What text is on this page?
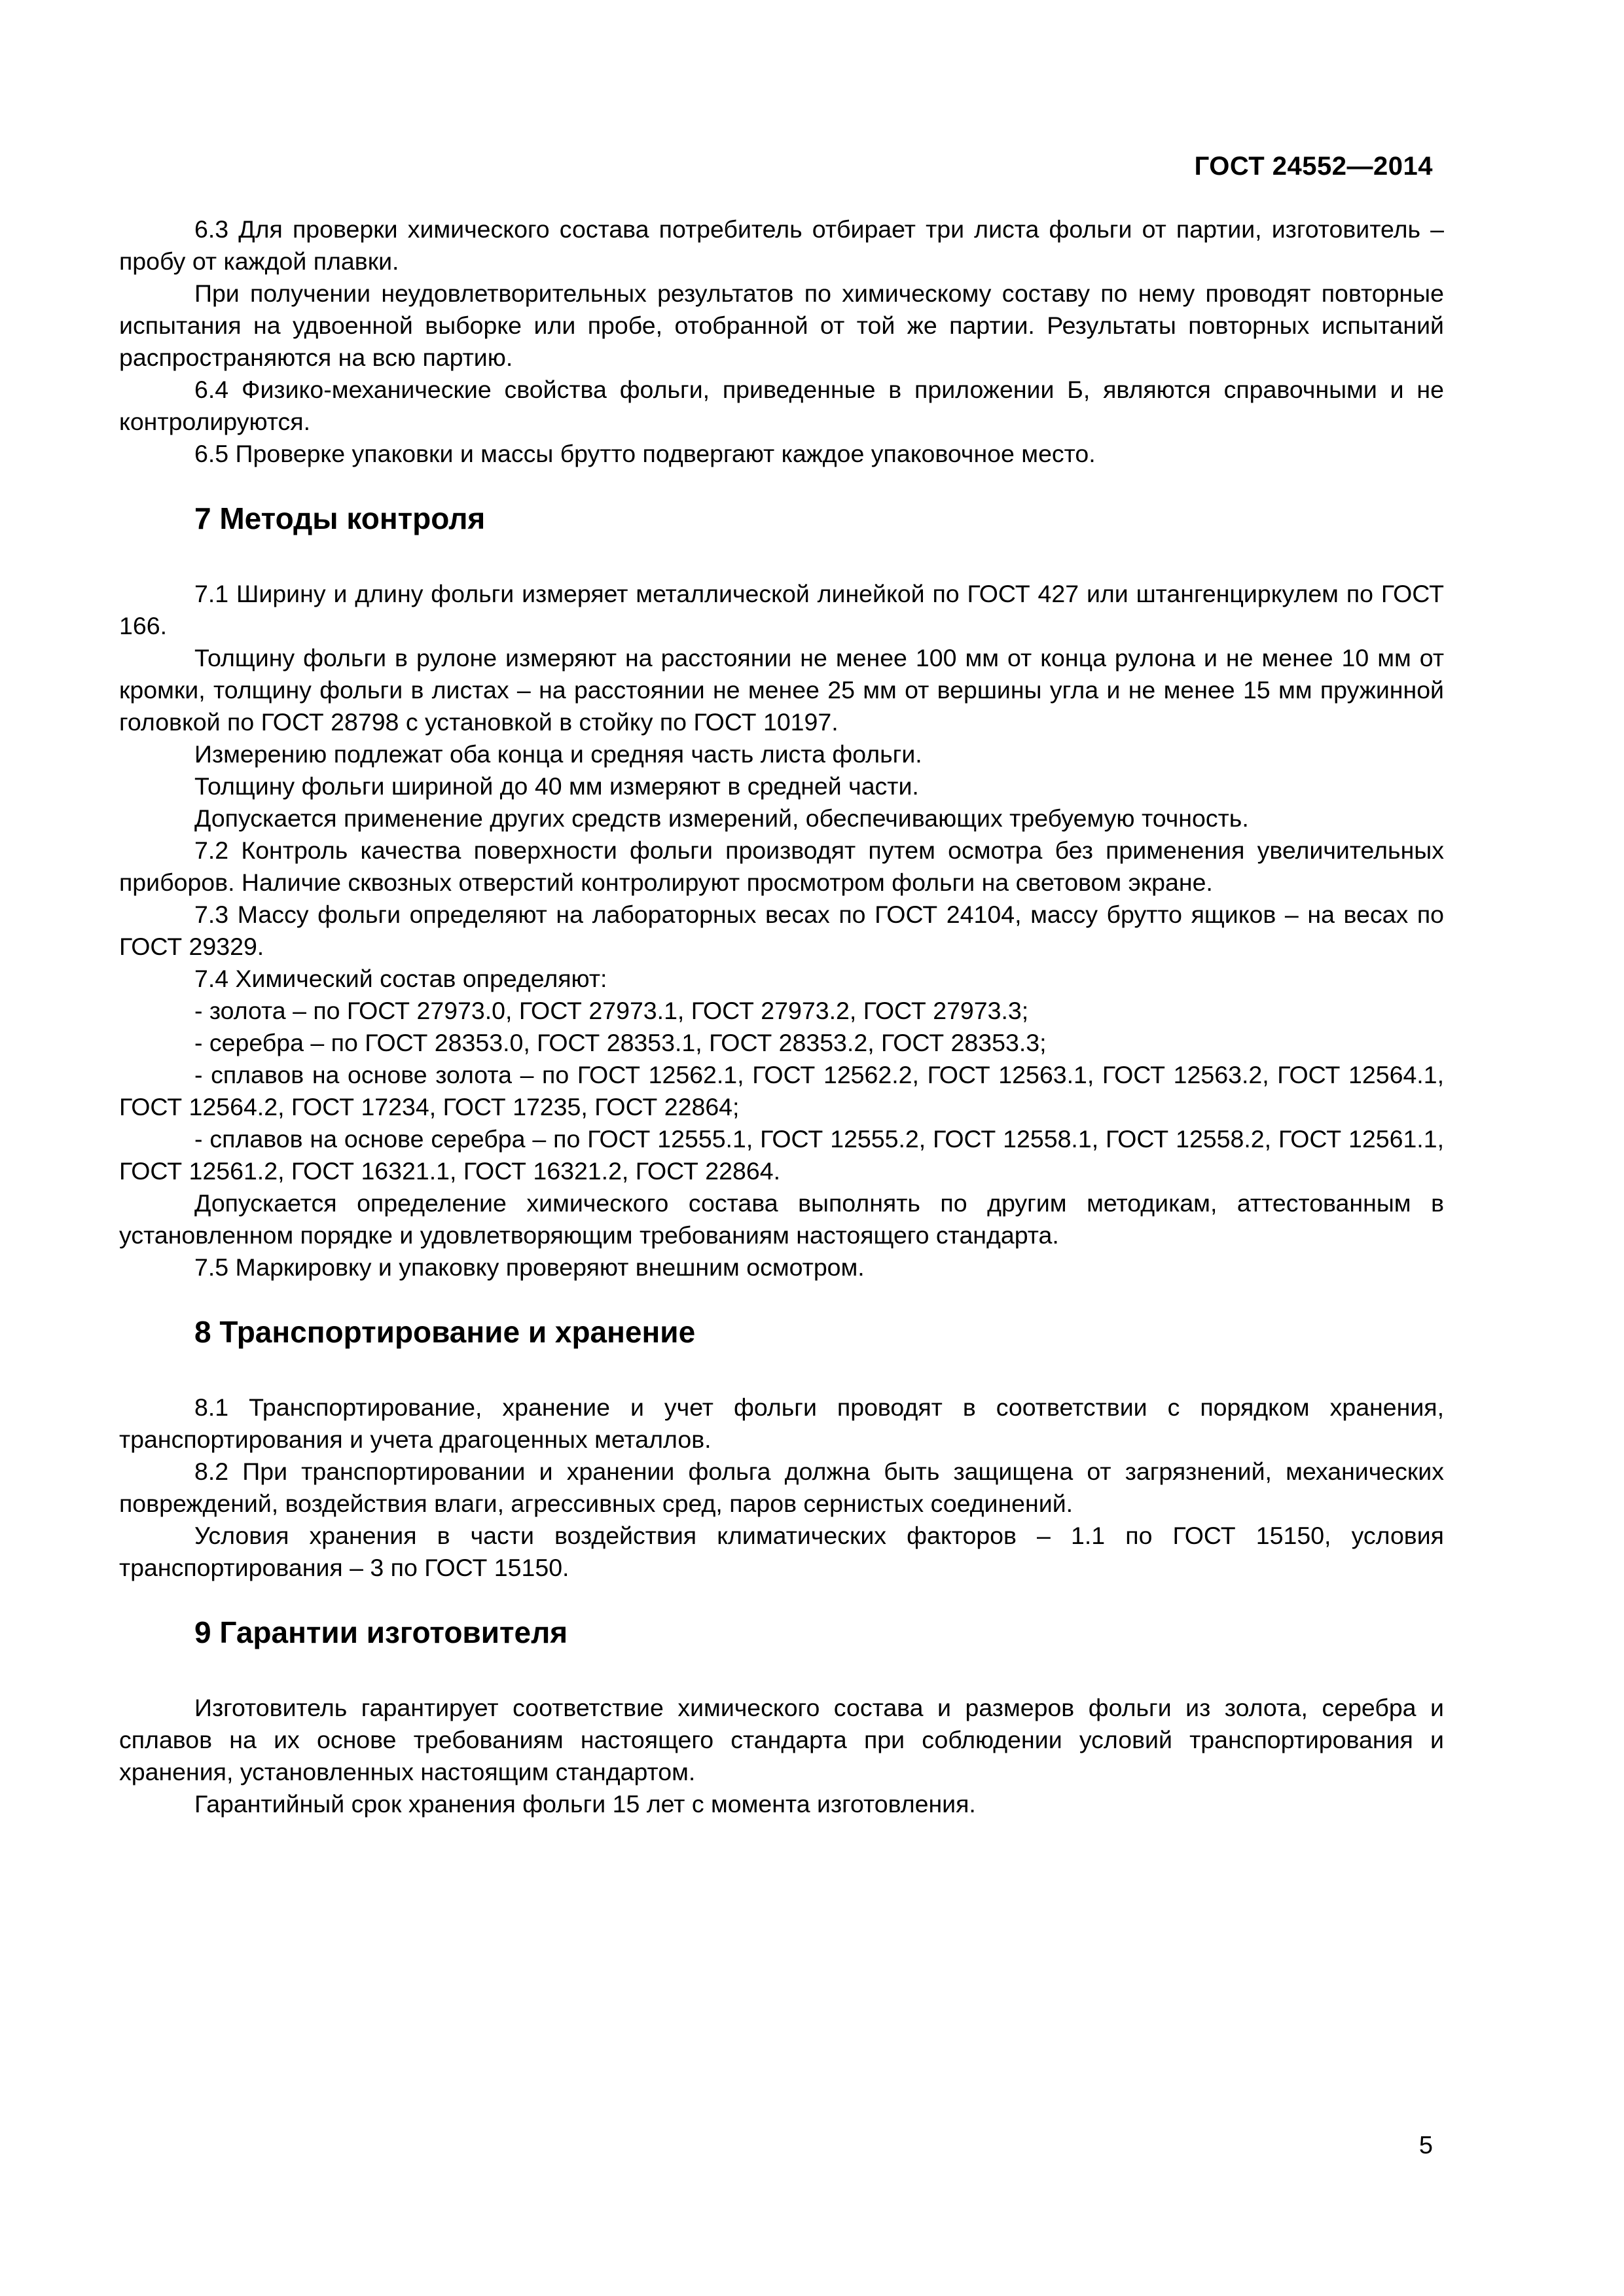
ГОСТ 24552—2014

6.3 Для проверки химического состава потребитель отбирает три листа фольги от партии, изготовитель – пробу от каждой плавки.

При получении неудовлетворительных результатов по химическому составу по нему проводят повторные испытания на удвоенной выборке или пробе, отобранной от той же партии. Результаты повторных испытаний распространяются на всю партию.

6.4 Физико-механические свойства фольги, приведенные в приложении Б, являются справочными и не контролируются.

6.5 Проверке упаковки и массы брутто подвергают каждое упаковочное место.

7 Методы контроля

7.1 Ширину и длину фольги измеряет металлической линейкой по ГОСТ 427 или штангенциркулем по ГОСТ 166.

Толщину фольги в рулоне измеряют на расстоянии не менее 100 мм от конца рулона и не менее 10 мм от кромки, толщину фольги в листах – на расстоянии не менее 25 мм от вершины угла и не менее 15 мм пружинной головкой по ГОСТ 28798 с установкой в стойку по ГОСТ 10197.

Измерению подлежат оба конца и средняя часть листа фольги.

Толщину фольги шириной до 40 мм измеряют в средней части.

Допускается применение других средств измерений, обеспечивающих требуемую точность.

7.2 Контроль качества поверхности фольги производят путем осмотра без применения увеличительных приборов. Наличие сквозных отверстий контролируют просмотром фольги на световом экране.

7.3 Массу фольги определяют на лабораторных весах по ГОСТ 24104, массу брутто ящиков – на весах по ГОСТ 29329.

7.4 Химический состав определяют:

- золота – по ГОСТ 27973.0, ГОСТ 27973.1, ГОСТ 27973.2, ГОСТ 27973.3;

- серебра – по ГОСТ 28353.0, ГОСТ 28353.1, ГОСТ 28353.2, ГОСТ 28353.3;

- сплавов на основе золота – по ГОСТ 12562.1, ГОСТ 12562.2, ГОСТ 12563.1, ГОСТ 12563.2, ГОСТ 12564.1, ГОСТ 12564.2, ГОСТ 17234, ГОСТ 17235, ГОСТ 22864;

- сплавов на основе серебра – по ГОСТ 12555.1, ГОСТ 12555.2, ГОСТ 12558.1, ГОСТ 12558.2, ГОСТ 12561.1, ГОСТ 12561.2, ГОСТ 16321.1, ГОСТ 16321.2, ГОСТ 22864.

Допускается определение химического состава выполнять по другим методикам, аттестованным в установленном порядке и удовлетворяющим требованиям настоящего стандарта.

7.5 Маркировку и упаковку проверяют внешним осмотром.

8 Транспортирование и хранение

8.1 Транспортирование, хранение и учет фольги проводят в соответствии с порядком хранения, транспортирования и учета драгоценных металлов.

8.2 При транспортировании и хранении фольга должна быть защищена от загрязнений, механических повреждений, воздействия влаги, агрессивных сред, паров сернистых соединений.

Условия хранения в части воздействия климатических факторов – 1.1 по ГОСТ 15150, условия транспортирования – 3 по ГОСТ 15150.

9 Гарантии изготовителя

Изготовитель гарантирует соответствие химического состава и размеров фольги из золота, серебра и сплавов на их основе требованиям настоящего стандарта при соблюдении условий транспортирования и хранения, установленных настоящим стандартом.

Гарантийный срок хранения фольги 15 лет с момента изготовления.

5
